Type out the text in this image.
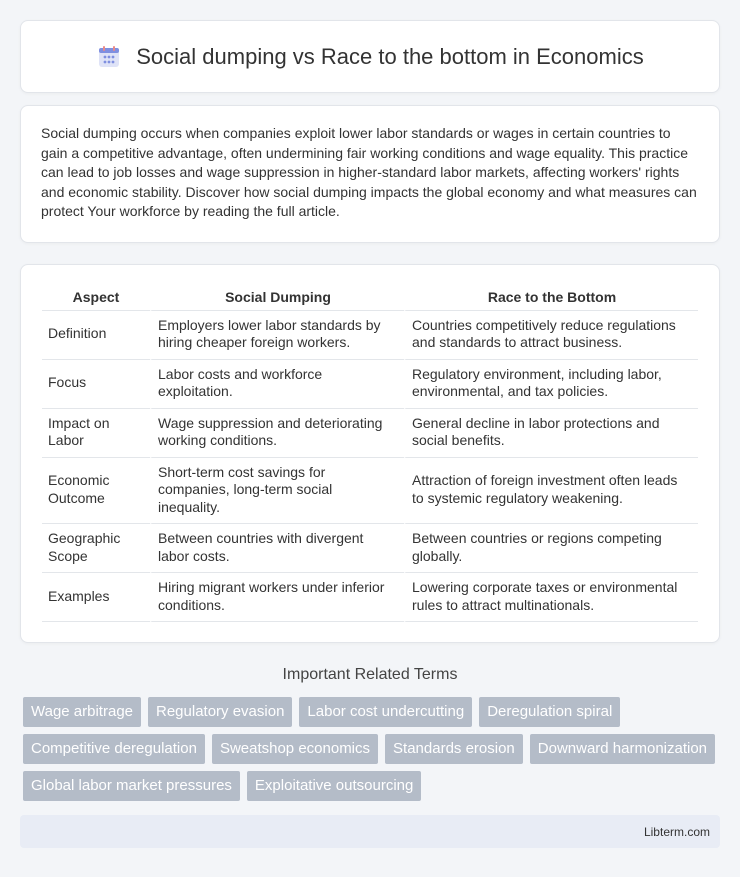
Social dumping vs Race to the bottom in Economics

Social dumping occurs when companies exploit lower labor standards or wages in certain countries to gain a competitive advantage, often undermining fair working conditions and wage equality. This practice can lead to job losses and wage suppression in higher-standard labor markets, affecting workers' rights and economic stability. Discover how social dumping impacts the global economy and what measures can protect Your workforce by reading the full article.

Aspect	Social Dumping	Race to the Bottom
Definition	Employers lower labor standards by hiring cheaper foreign workers.	Countries competitively reduce regulations and standards to attract business.
Focus	Labor costs and workforce exploitation.	Regulatory environment, including labor, environmental, and tax policies.
Impact on Labor	Wage suppression and deteriorating working conditions.	General decline in labor protections and social benefits.
Economic Outcome	Short-term cost savings for companies, long-term social inequality.	Attraction of foreign investment often leads to systemic regulatory weakening.
Geographic Scope	Between countries with divergent labor costs.	Between countries or regions competing globally.
Examples	Hiring migrant workers under inferior conditions.	Lowering corporate taxes or environmental rules to attract multinationals.
Important Related Terms
Wage arbitrage	Regulatory evasion	Labor cost undercutting	Deregulation spiral
Competitive deregulation	Sweatshop economics	Standards erosion	Downward harmonization
Global labor market pressures	Exploitative outsourcing
Libterm.com
